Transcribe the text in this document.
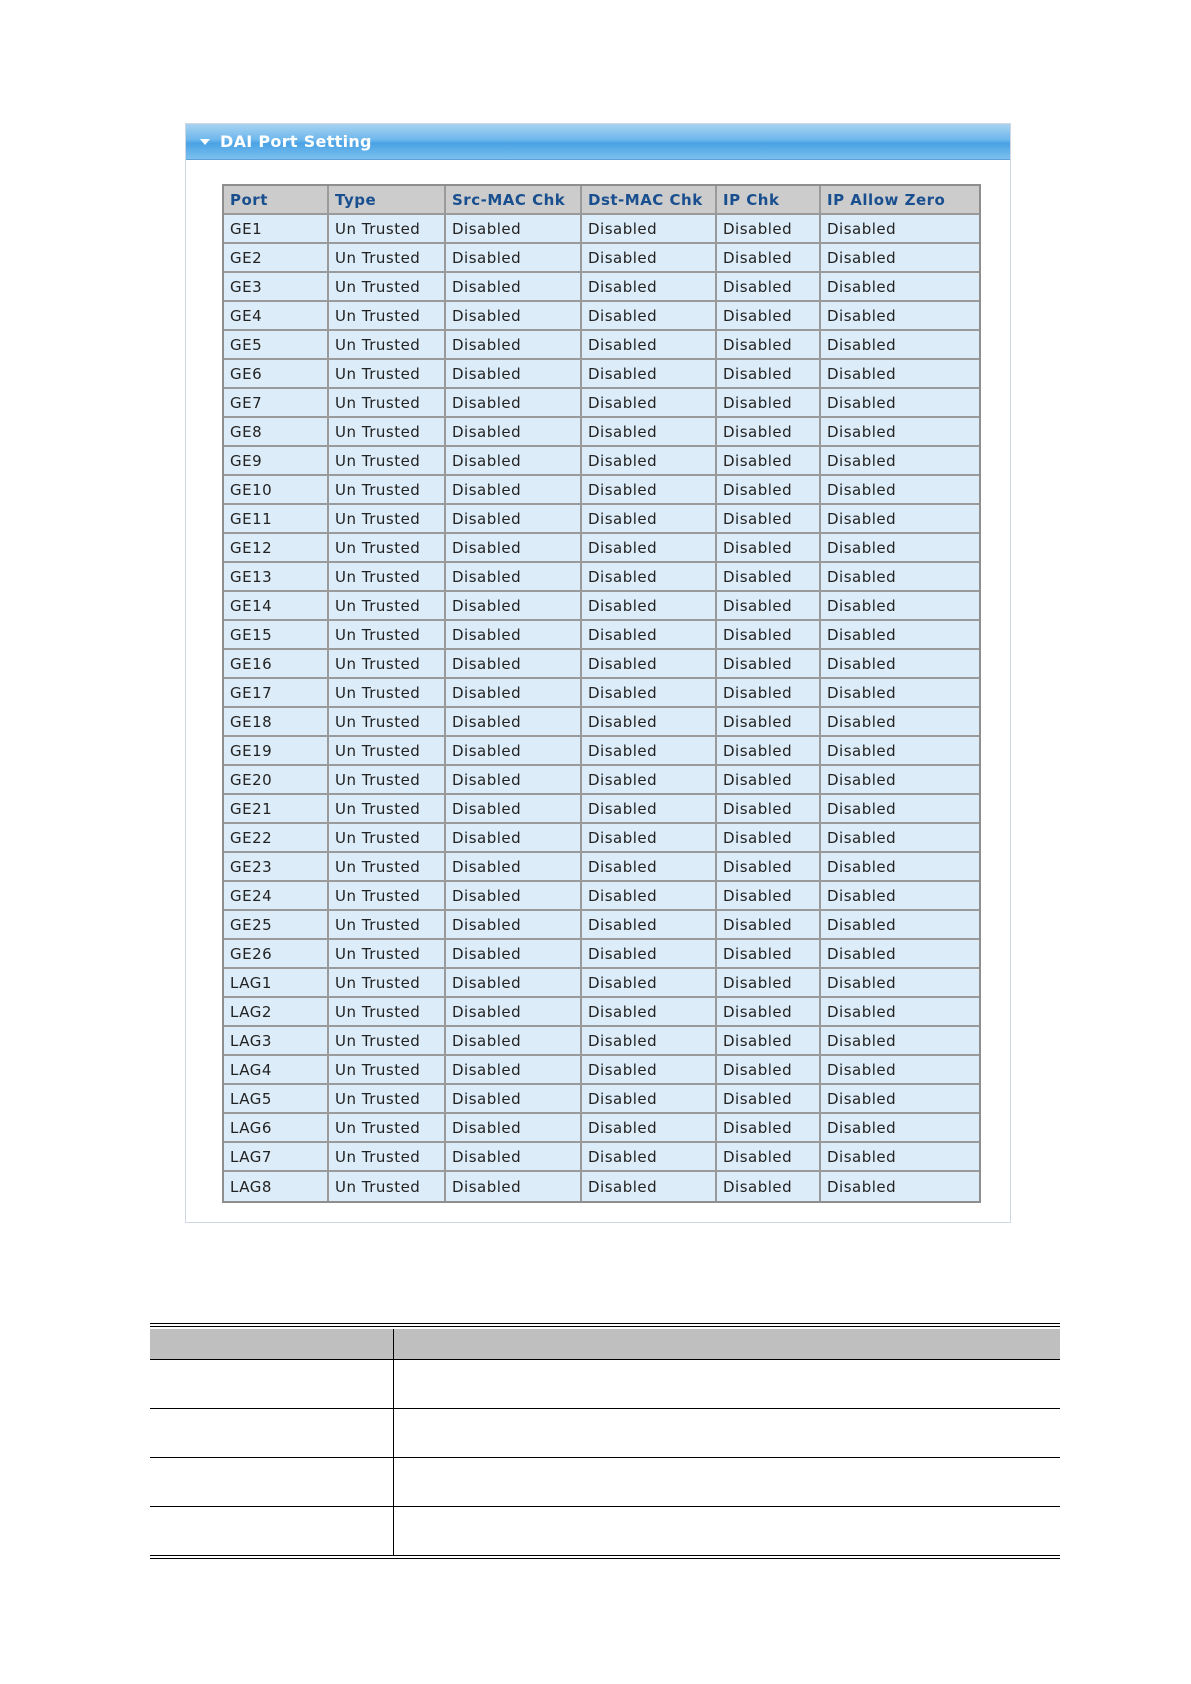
DAI Port Setting
Port	Type	Src-MAC Chk	Dst-MAC Chk	IP Chk	IP Allow Zero
GE1	Un Trusted	Disabled	Disabled	Disabled	Disabled
GE2	Un Trusted	Disabled	Disabled	Disabled	Disabled
GE3	Un Trusted	Disabled	Disabled	Disabled	Disabled
GE4	Un Trusted	Disabled	Disabled	Disabled	Disabled
GE5	Un Trusted	Disabled	Disabled	Disabled	Disabled
GE6	Un Trusted	Disabled	Disabled	Disabled	Disabled
GE7	Un Trusted	Disabled	Disabled	Disabled	Disabled
GE8	Un Trusted	Disabled	Disabled	Disabled	Disabled
GE9	Un Trusted	Disabled	Disabled	Disabled	Disabled
GE10	Un Trusted	Disabled	Disabled	Disabled	Disabled
GE11	Un Trusted	Disabled	Disabled	Disabled	Disabled
GE12	Un Trusted	Disabled	Disabled	Disabled	Disabled
GE13	Un Trusted	Disabled	Disabled	Disabled	Disabled
GE14	Un Trusted	Disabled	Disabled	Disabled	Disabled
GE15	Un Trusted	Disabled	Disabled	Disabled	Disabled
GE16	Un Trusted	Disabled	Disabled	Disabled	Disabled
GE17	Un Trusted	Disabled	Disabled	Disabled	Disabled
GE18	Un Trusted	Disabled	Disabled	Disabled	Disabled
GE19	Un Trusted	Disabled	Disabled	Disabled	Disabled
GE20	Un Trusted	Disabled	Disabled	Disabled	Disabled
GE21	Un Trusted	Disabled	Disabled	Disabled	Disabled
GE22	Un Trusted	Disabled	Disabled	Disabled	Disabled
GE23	Un Trusted	Disabled	Disabled	Disabled	Disabled
GE24	Un Trusted	Disabled	Disabled	Disabled	Disabled
GE25	Un Trusted	Disabled	Disabled	Disabled	Disabled
GE26	Un Trusted	Disabled	Disabled	Disabled	Disabled
LAG1	Un Trusted	Disabled	Disabled	Disabled	Disabled
LAG2	Un Trusted	Disabled	Disabled	Disabled	Disabled
LAG3	Un Trusted	Disabled	Disabled	Disabled	Disabled
LAG4	Un Trusted	Disabled	Disabled	Disabled	Disabled
LAG5	Un Trusted	Disabled	Disabled	Disabled	Disabled
LAG6	Un Trusted	Disabled	Disabled	Disabled	Disabled
LAG7	Un Trusted	Disabled	Disabled	Disabled	Disabled
LAG8	Un Trusted	Disabled	Disabled	Disabled	Disabled
